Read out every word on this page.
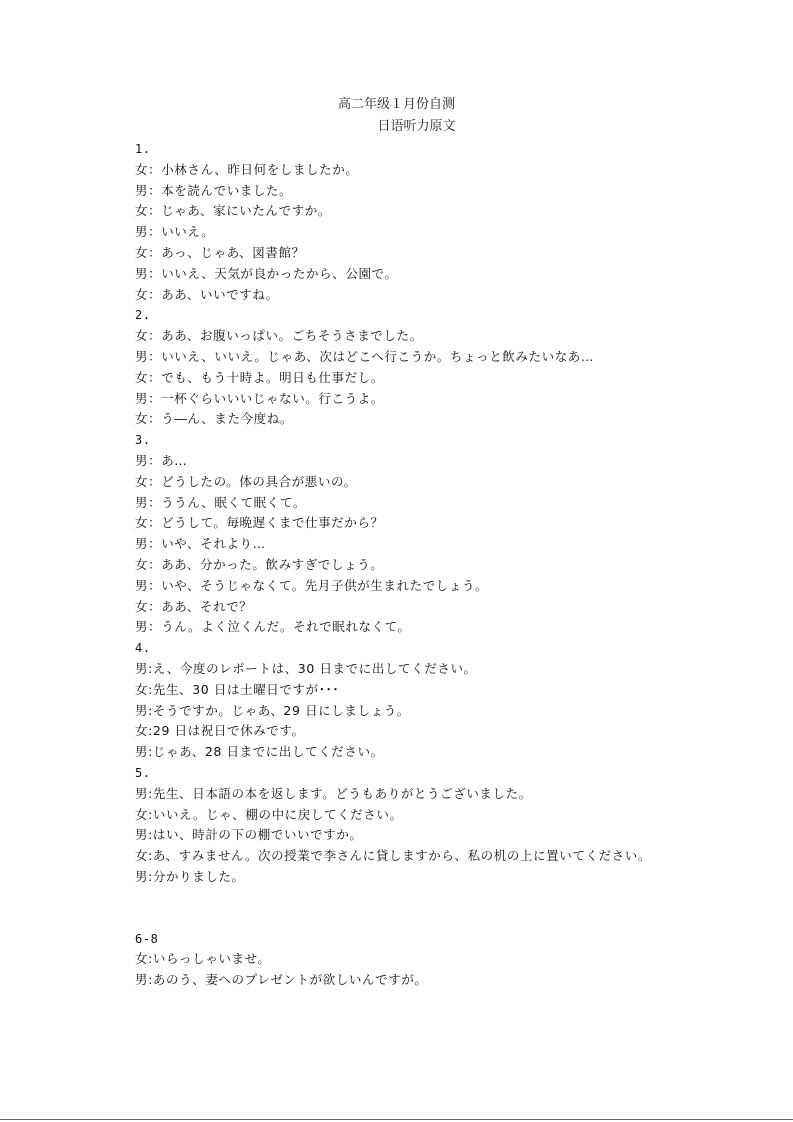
高二年级１月份自测
日语听力原文
1.
女：小林さん、昨日何をしましたか。
男：本を読んでいました。
女：じゃあ、家にいたんですか。
男：いいえ。
女：あっ、じゃあ、図書館？
男：いいえ、天気が良かったから、公園で。
女：ああ、いいですね。
2.
女：ああ、お腹いっぱい。ごちそうさまでした。
男：いいえ、いいえ。じゃあ、次はどこへ行こうか。ちょっと飲みたいなあ…
女：でも、もう十時よ。明日も仕事だし。
男：一杯ぐらいいいじゃない。行こうよ。
女：う―ん、また今度ね。
3.
男：あ…
女：どうしたの。体の具合が悪いの。
男：ううん、眠くて眠くて。
女：どうして。毎晩遅くまで仕事だから？
男：いや、それより…
女：ああ、分かった。飲みすぎでしょう。
男：いや、そうじゃなくて。先月子供が生まれたでしょう。
女：ああ、それで？
男：うん。よく泣くんだ。それで眠れなくて。
4.
男:え、今度のレポートは、30 日までに出してください。
女:先生、30 日は土曜日ですが･･･
男:そうですか。じゃあ、29 日にしましょう。
女:29 日は祝日で休みです。
男:じゃあ、28 日までに出してください。
5.
男:先生、日本語の本を返します。どうもありがとうございました。
女:いいえ。じゃ、棚の中に戻してください。
男:はい、時計の下の棚でいいですか。
女:あ、すみません。次の授業で李さんに貸しますから、私の机の上に置いてください。
男:分かりました。
6-8
女:いらっしゃいませ。
男:あのう、妻へのプレゼントが欲しいんですが。
